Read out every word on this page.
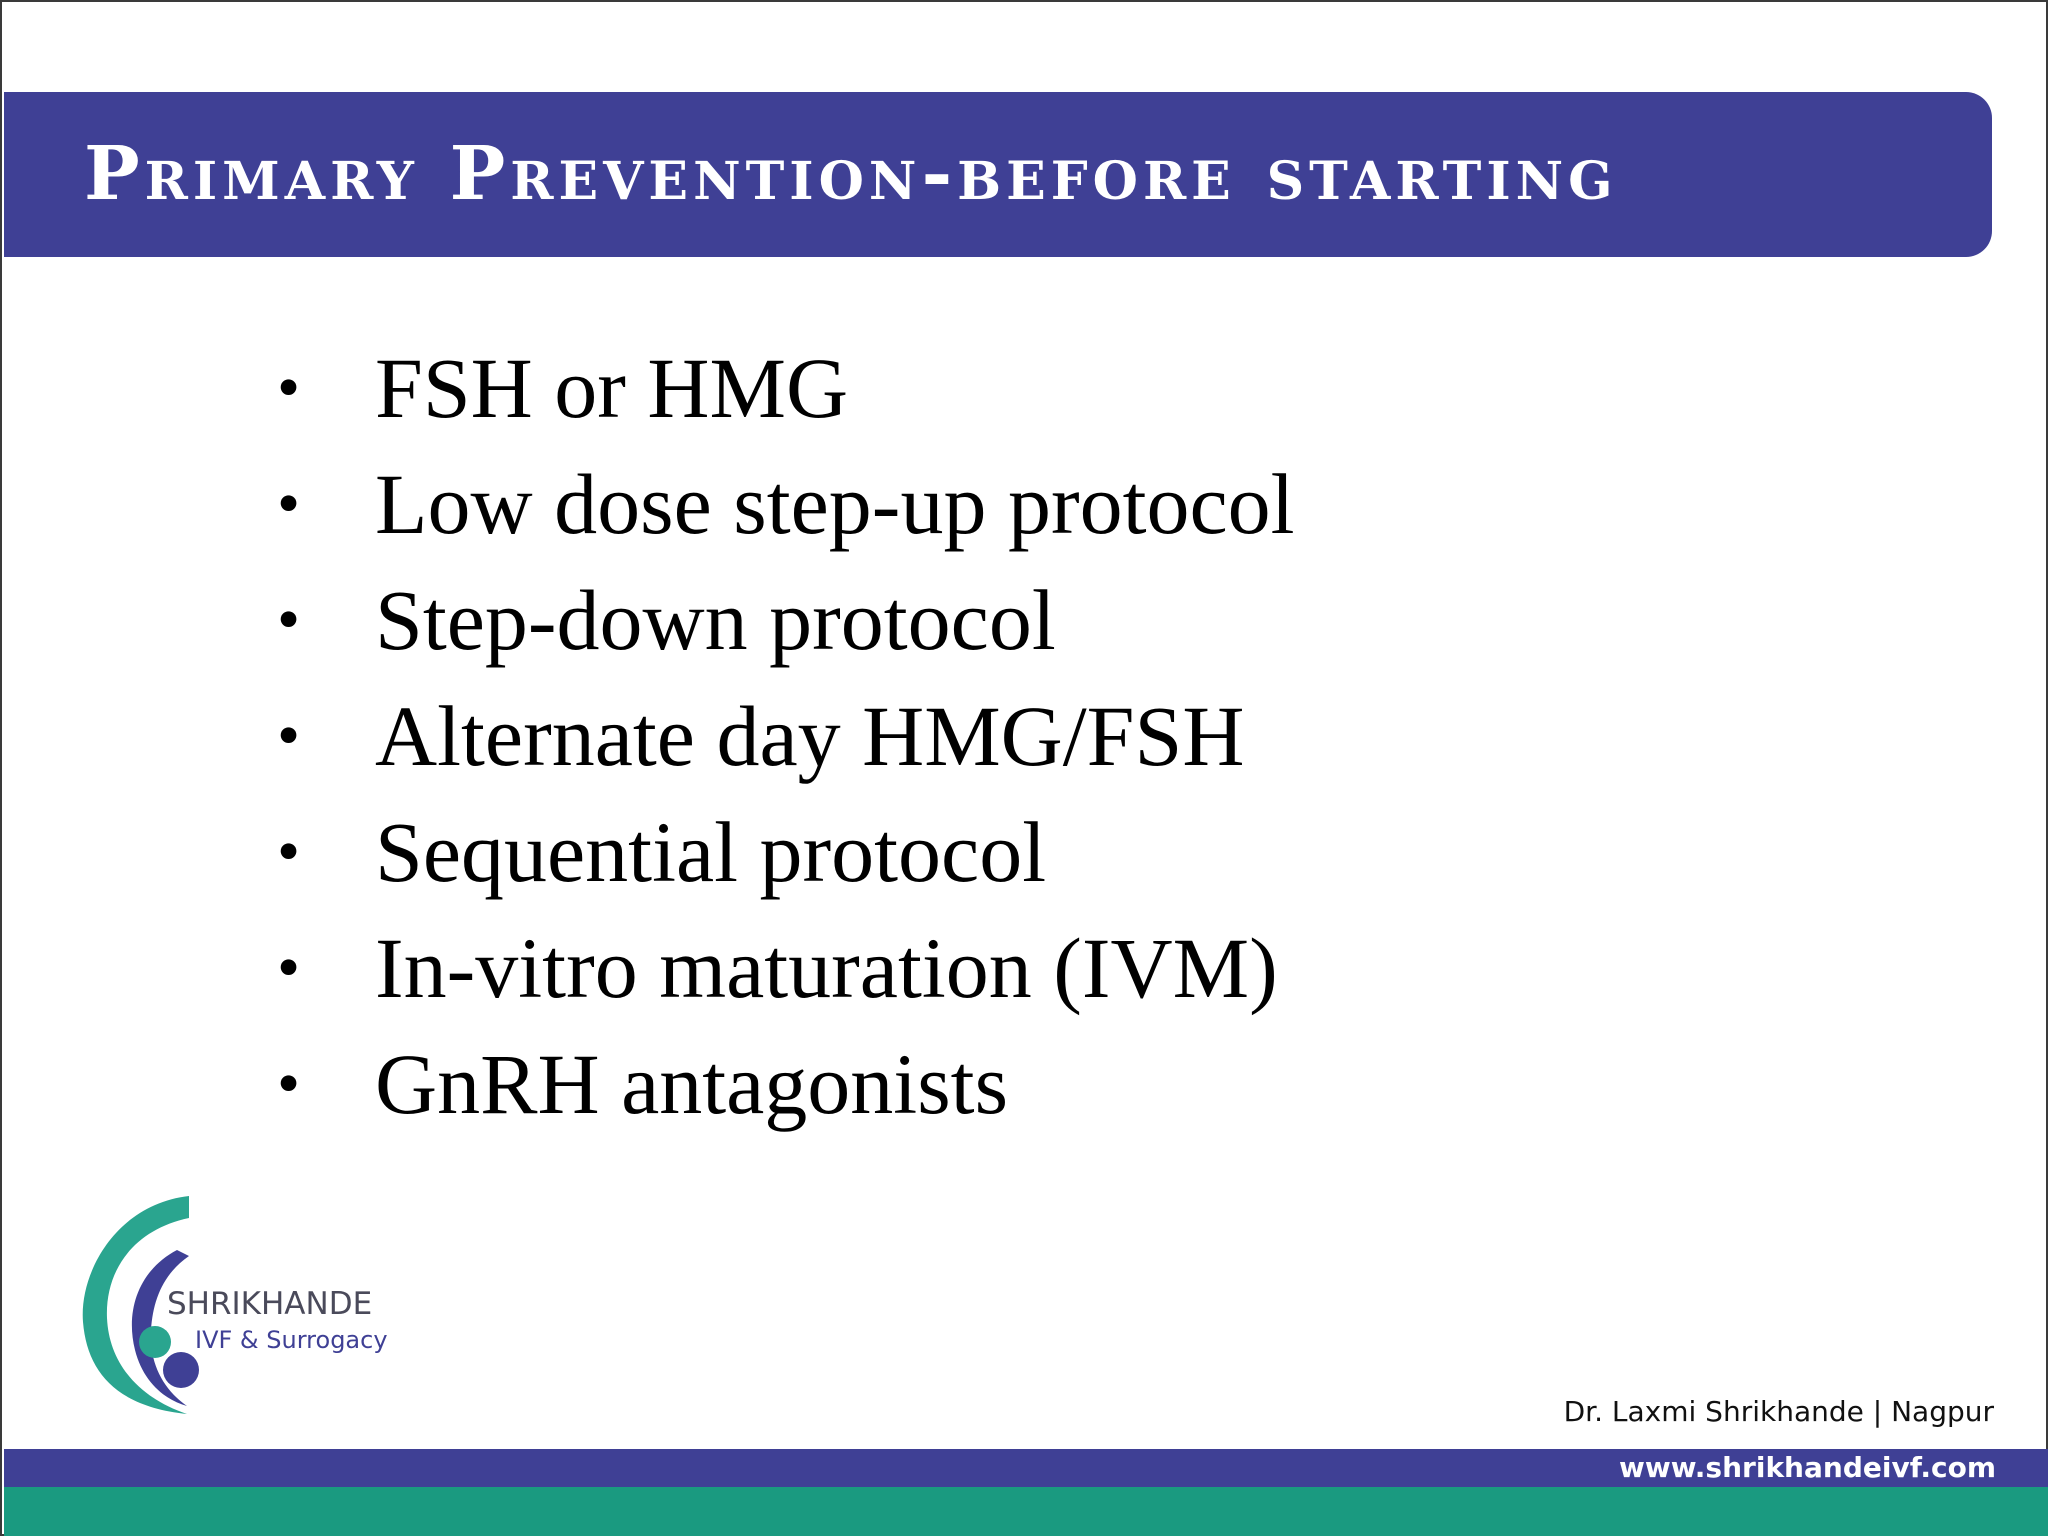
Primary Prevention-before starting
• FSH or HMG
• Low dose step-up protocol
• Step-down protocol
• Alternate day HMG/FSH
• Sequential protocol
• In-vitro maturation (IVM)
• GnRH antagonists
SHRIKHANDE
IVF & Surrogacy
Dr. Laxmi Shrikhande | Nagpur
www.shrikhandeivf.com
